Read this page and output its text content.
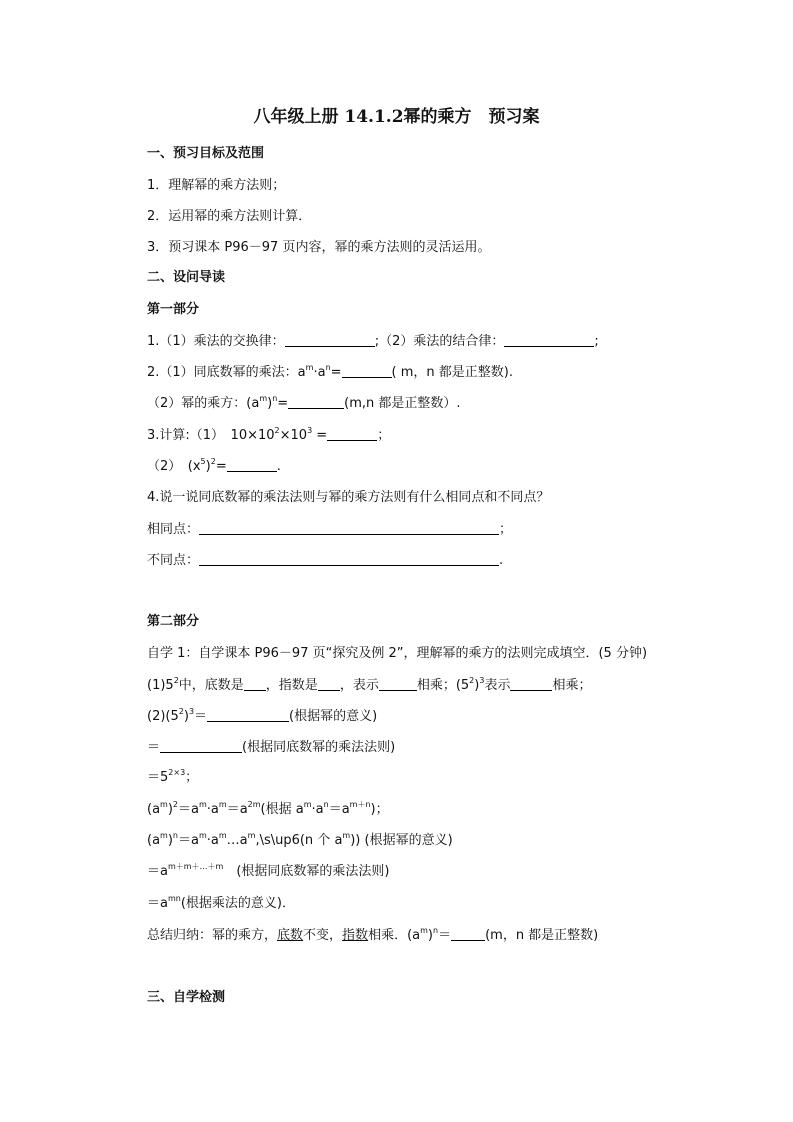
八年级上册 14.1.2幂的乘方　预习案
一、预习目标及范围
1．理解幂的乘方法则；
2．运用幂的乘方法则计算．
3．预习课本 P96－97 页内容，幂的乘方法则的灵活运用。
二、设问导读
第一部分
1.（1）乘法的交换律：	;（2）乘法的结合律：	;
2.（1）同底数幂的乘法：$a^m\cdot a^n=$	( m，n 都是正整数).
（2）幂的乘方：$(a^m)^n=$	(m,n 都是正整数）.
3.计算:（1）　$10\times 10^2\times 10^3$ =	；
（2）　$(x^5)^2=$	.
4.说一说同底数幂的乘法法则与幂的乘方法则有什么相同点和不同点？
相同点：	；
不同点：	.
第二部分
自学 1：自学课本 P96－97 页“探究及例 2”，理解幂的乘方的法则完成填空．(5 分钟)
$(1)5^2$中，底数是 ，指数是 ，表示	相乘；$(5^2)^3$表示	相乘；
$(2)(5^2)^3=$	(根据幂的意义)
＝	(根据同底数幂的乘法法则)
$=5^{2\times 3}$；
$(a^m)^2=a^m\cdot a^m=a^{2m}$(根据 $a^m\cdot a^n=a^{m+n}$)；
$(a^m)^n=a^m\cdot a^m\dots a^m,\backslash s\backslash up6(n$ 个 $a^m$)) (根据幂的意义)
$=a^{m+m+\dots+m}$　(根据同底数幂的乘法法则)
$=a^{mn}$(根据乘法的意义)．
总结归纳：幂的乘方，底数不变，指数相乘．$(a^m)^n=$	(m，n 都是正整数)
三、自学检测
